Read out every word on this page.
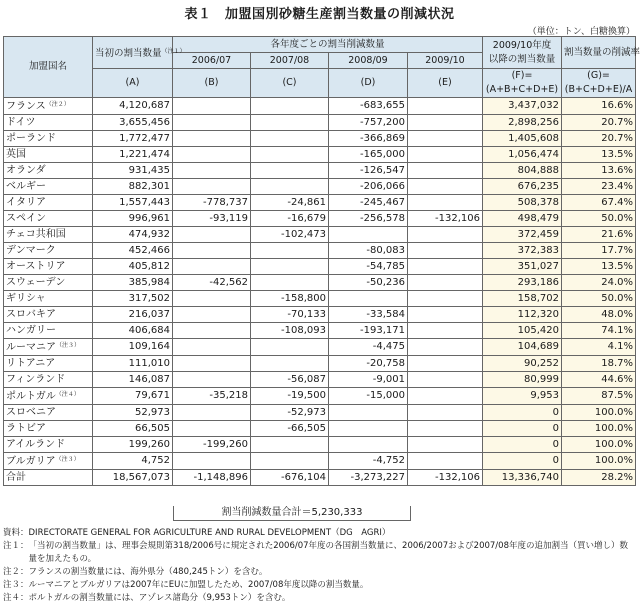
表１　加盟国別砂糖生産割当数量の削減状況
（単位：トン、白糖換算）
加盟国名	当初の割当数量$^{(注1)}$	各年度ごとの割当削減数量				2009/10年度
以降の割当数量	割当数量の削減率
		2006/07	2007/08	2008/09	2009/10		
	(A)	(B)	(C)	(D)	(E)	(F)=
(A+B+C+D+E)	(G)=
(B+C+D+E)/A
フランス$^{(注2)}$	4,120,687			-683,655		3,437,032	16.6%
ドイツ	3,655,456			-757,200		2,898,256	20.7%
ポーランド	1,772,477			-366,869		1,405,608	20.7%
英国	1,221,474			-165,000		1,056,474	13.5%
オランダ	931,435			-126,547		804,888	13.6%
ベルギー	882,301			-206,066		676,235	23.4%
イタリア	1,557,443	-778,737	-24,861	-245,467		508,378	67.4%
スペイン	996,961	-93,119	-16,679	-256,578	-132,106	498,479	50.0%
チェコ共和国	474,932		-102,473			372,459	21.6%
デンマーク	452,466			-80,083		372,383	17.7%
オーストリア	405,812			-54,785		351,027	13.5%
スウェーデン	385,984	-42,562		-50,236		293,186	24.0%
ギリシャ	317,502		-158,800			158,702	50.0%
スロバキア	216,037		-70,133	-33,584		112,320	48.0%
ハンガリー	406,684		-108,093	-193,171		105,420	74.1%
ルーマニア$^{(注3)}$	109,164			-4,475		104,689	4.1%
リトアニア	111,010			-20,758		90,252	18.7%
フィンランド	146,087		-56,087	-9,001		80,999	44.6%
ポルトガル$^{(注4)}$	79,671	-35,218	-19,500	-15,000		9,953	87.5%
スロベニア	52,973		-52,973			0	100.0%
ラトビア	66,505		-66,505			0	100.0%
アイルランド	199,260	-199,260				0	100.0%
ブルガリア$^{(注3)}$	4,752			-4,752		0	100.0%
合計	18,567,073	-1,148,896	-676,104	-3,273,227	-132,106	13,336,740	28.2%
割当削減数量合計＝5,230,333
資料： DIRECTORATE GENERAL FOR AGRICULTURE AND RURAL DEVELOPMENT（DG　AGRI）
注１： 「当初の割当数量」は、理事会規則第318/2006号に規定された2006/07年度の各国割当数量に、2006/2007および2007/08年度の追加割当（買い増し）数量を加えたもの。
注２： フランスの割当数量には、海外県分（480,245トン）を含む。
注３： ルーマニアとブルガリアは2007年にEUに加盟したため、2007/08年度以降の割当数量。
注４： ポルトガルの割当数量には、アゾレス諸島分（9,953トン）を含む。
